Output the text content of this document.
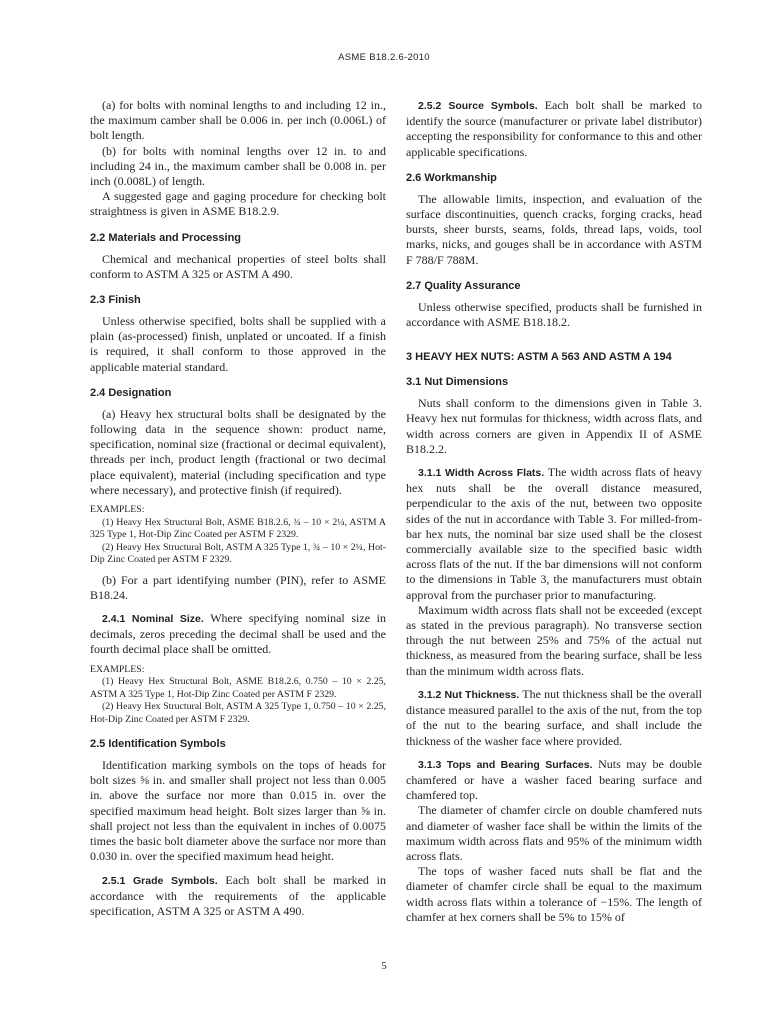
ASME B18.2.6-2010

(a) for bolts with nominal lengths to and including 12 in., the maximum camber shall be 0.006 in. per inch (0.006L) of bolt length.

(b) for bolts with nominal lengths over 12 in. to and including 24 in., the maximum camber shall be 0.008 in. per inch (0.008L) of length.

A suggested gage and gaging procedure for checking bolt straightness is given in ASME B18.2.9.

2.2 Materials and Processing

Chemical and mechanical properties of steel bolts shall conform to ASTM A 325 or ASTM A 490.

2.3 Finish

Unless otherwise specified, bolts shall be supplied with a plain (as-processed) finish, unplated or uncoated. If a finish is required, it shall conform to those approved in the applicable material standard.

2.4 Designation

(a) Heavy hex structural bolts shall be designated by the following data in the sequence shown: product name, specification, nominal size (fractional or decimal equivalent), threads per inch, product length (fractional or two decimal place equivalent), material (including specification and type where necessary), and protective finish (if required).

EXAMPLES:

(1) Heavy Hex Structural Bolt, ASME B18.2.6, ¾ – 10 × 2¼, ASTM A 325 Type 1, Hot-Dip Zinc Coated per ASTM F 2329.

(2) Heavy Hex Structural Bolt, ASTM A 325 Type 1, ¾ – 10 × 2¼, Hot-Dip Zinc Coated per ASTM F 2329.

(b) For a part identifying number (PIN), refer to ASME B18.24.

2.4.1 Nominal Size. Where specifying nominal size in decimals, zeros preceding the decimal shall be used and the fourth decimal place shall be omitted.

EXAMPLES:

(1) Heavy Hex Structural Bolt, ASME B18.2.6, 0.750 – 10 × 2.25, ASTM A 325 Type 1, Hot-Dip Zinc Coated per ASTM F 2329.

(2) Heavy Hex Structural Bolt, ASTM A 325 Type 1, 0.750 – 10 × 2.25, Hot-Dip Zinc Coated per ASTM F 2329.

2.5 Identification Symbols

Identification marking symbols on the tops of heads for bolt sizes ⅝ in. and smaller shall project not less than 0.005 in. above the surface nor more than 0.015 in. over the specified maximum head height. Bolt sizes larger than ⅝ in. shall project not less than the equivalent in inches of 0.0075 times the basic bolt diameter above the surface nor more than 0.030 in. over the specified maximum head height.

2.5.1 Grade Symbols. Each bolt shall be marked in accordance with the requirements of the applicable specification, ASTM A 325 or ASTM A 490.

2.5.2 Source Symbols. Each bolt shall be marked to identify the source (manufacturer or private label distributor) accepting the responsibility for conformance to this and other applicable specifications.

2.6 Workmanship

The allowable limits, inspection, and evaluation of the surface discontinuities, quench cracks, forging cracks, head bursts, sheer bursts, seams, folds, thread laps, voids, tool marks, nicks, and gouges shall be in accordance with ASTM F 788/F 788M.

2.7 Quality Assurance

Unless otherwise specified, products shall be furnished in accordance with ASME B18.18.2.

3 HEAVY HEX NUTS: ASTM A 563 AND ASTM A 194
3.1 Nut Dimensions

Nuts shall conform to the dimensions given in Table 3. Heavy hex nut formulas for thickness, width across flats, and width across corners are given in Appendix II of ASME B18.2.2.

3.1.1 Width Across Flats. The width across flats of heavy hex nuts shall be the overall distance measured, perpendicular to the axis of the nut, between two opposite sides of the nut in accordance with Table 3. For milled-from-bar hex nuts, the nominal bar size used shall be the closest commercially available size to the specified basic width across flats of the nut. If the bar dimensions will not conform to the dimensions in Table 3, the manufacturers must obtain approval from the purchaser prior to manufacturing.

Maximum width across flats shall not be exceeded (except as stated in the previous paragraph). No transverse section through the nut between 25% and 75% of the actual nut thickness, as measured from the bearing surface, shall be less than the minimum width across flats.

3.1.2 Nut Thickness. The nut thickness shall be the overall distance measured parallel to the axis of the nut, from the top of the nut to the bearing surface, and shall include the thickness of the washer face where provided.

3.1.3 Tops and Bearing Surfaces. Nuts may be double chamfered or have a washer faced bearing surface and chamfered top.

The diameter of chamfer circle on double chamfered nuts and diameter of washer face shall be within the limits of the maximum width across flats and 95% of the minimum width across flats.

The tops of washer faced nuts shall be flat and the diameter of chamfer circle shall be equal to the maximum width across flats within a tolerance of −15%. The length of chamfer at hex corners shall be 5% to 15% of

5
